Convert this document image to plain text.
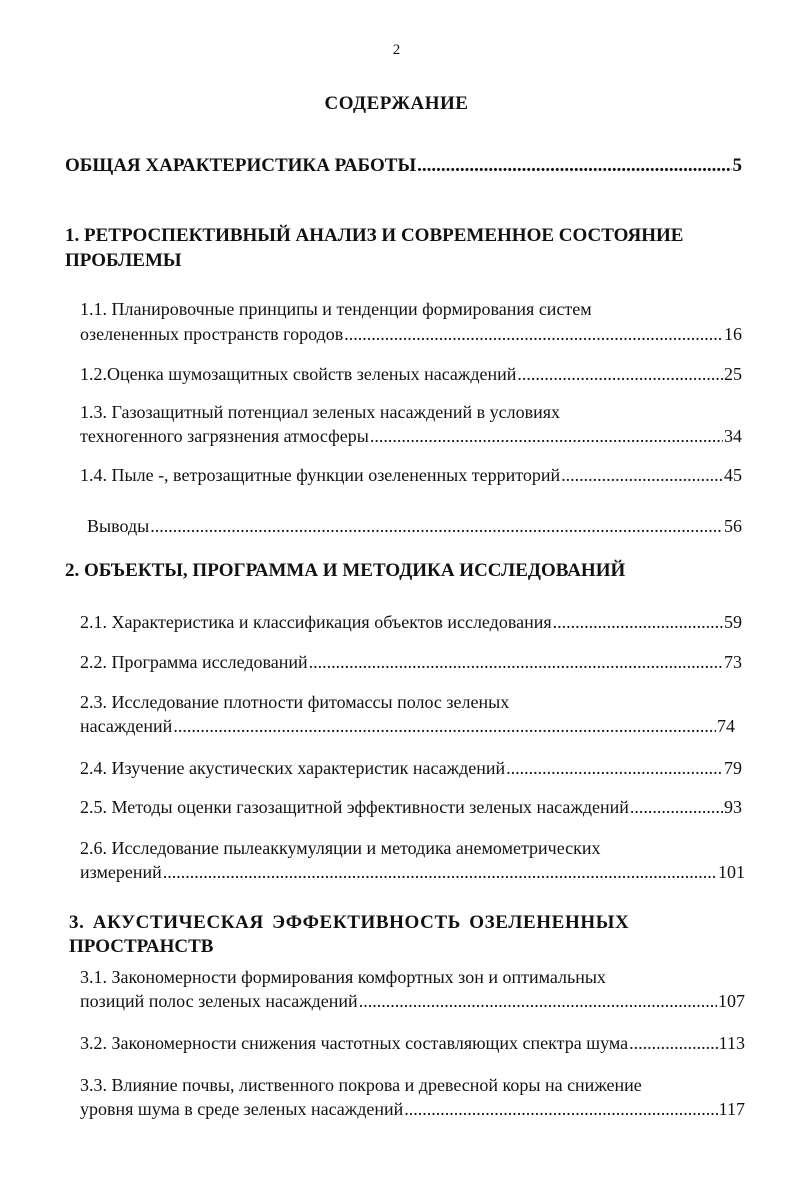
2
СОДЕРЖАНИЕ
ОБЩАЯ ХАРАКТЕРИСТИКА РАБОТЫ .....	5
1. РЕТРОСПЕКТИВНЫЙ АНАЛИЗ И СОВРЕМЕННОЕ СОСТОЯНИЕ
ПРОБЛЕМЫ
1.1. Планировочные принципы и тенденции формирования систем
озелененных пространств городов .....	16
1.2.Оценка шумозащитных свойств зеленых насаждений .....	25
1.3. Газозащитный потенциал зеленых насаждений в условиях
техногенного загрязнения атмосферы .....	34
1.4. Пыле -, ветрозащитные функции озелененных территорий .....	45
Выводы .....	56
2. ОБЪЕКТЫ, ПРОГРАММА И МЕТОДИКА ИССЛЕДОВАНИЙ
2.1. Характеристика и классификация объектов исследования .....	59
2.2. Программа исследований .....	73
2.3. Исследование плотности фитомассы полос зеленых
насаждений .....	74
2.4. Изучение акустических характеристик насаждений .....	79
2.5. Методы оценки газозащитной эффективности зеленых насаждений .....	93
2.6. Исследование пылеаккумуляции и методика анемометрических
измерений .....	101
3. АКУСТИЧЕСКАЯ ЭФФЕКТИВНОСТЬ ОЗЕЛЕНЕННЫХ
ПРОСТРАНСТВ
3.1. Закономерности формирования комфортных зон и оптимальных
позиций полос зеленых насаждений .....	107
3.2. Закономерности снижения частотных составляющих спектра шума .....	113
3.3. Влияние почвы, лиственного покрова и древесной коры на снижение
уровня шума в среде зеленых насаждений .....	117
